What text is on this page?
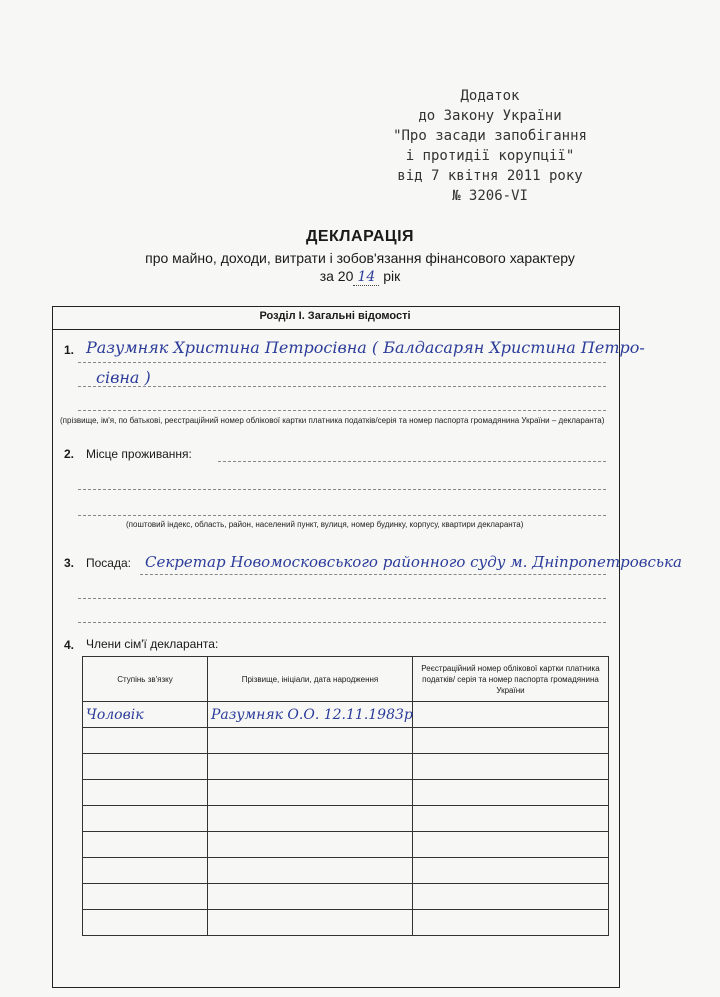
Додаток
до Закону України
"Про засади запобігання
і протидії корупції"
від 7 квітня 2011 року
№ 3206-VI
ДЕКЛАРАЦІЯ
про майно, доходи, витрати і зобов'язання фінансового характеру
за 20 14 рік
Розділ І. Загальні відомості
1. Разумняк Христина Петросівна ( Балдасарян Христина Петро-
сівна )
(прізвище, ім'я, по батькові, реєстраційний номер облікової картки платника податків/серія та номер паспорта громадянина України – декларанта)
2. Місце проживання:
(поштовий індекс, область, район, населений пункт, вулиця, номер будинку, корпусу, квартири декларанта)
3. Посада: Секретар Новомосковського районного суду м. Дніпропетровська
4. Члени сім'ї декларанта:
Ступінь зв'язку	Прізвище, ініціали, дата народження	Реєстраційний номер облікової картки платника податків/ серія та номер паспорта громадянина України
Чоловік	Разумняк О.О. 12.11.1983р	
